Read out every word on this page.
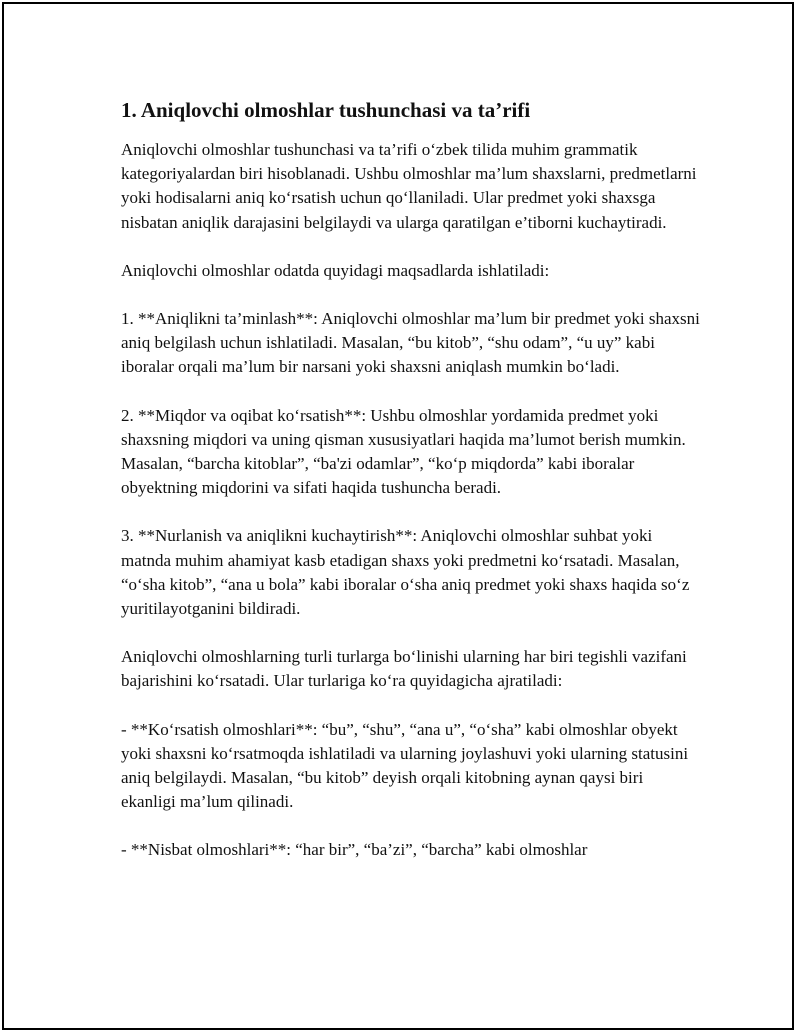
1. Aniqlovchi olmoshlar tushunchasi va ta’rifi

Aniqlovchi olmoshlar tushunchasi va ta’rifi o‘zbek tilida muhim grammatik kategoriyalardan biri hisoblanadi. Ushbu olmoshlar ma’lum shaxslarni, predmetlarni yoki hodisalarni aniq ko‘rsatish uchun qo‘llaniladi. Ular predmet yoki shaxsga nisbatan aniqlik darajasini belgilaydi va ularga qaratilgan e’tiborni kuchaytiradi.

Aniqlovchi olmoshlar odatda quyidagi maqsadlarda ishlatiladi:

1. **Aniqlikni ta’minlash**: Aniqlovchi olmoshlar ma’lum bir predmet yoki shaxsni aniq belgilash uchun ishlatiladi. Masalan, “bu kitob”, “shu odam”, “u uy” kabi iboralar orqali ma’lum bir narsani yoki shaxsni aniqlash mumkin bo‘ladi.

2. **Miqdor va oqibat ko‘rsatish**: Ushbu olmoshlar yordamida predmet yoki shaxsning miqdori va uning qisman xususiyatlari haqida ma’lumot berish mumkin. Masalan, “barcha kitoblar”, “ba'zi odamlar”, “ko‘p miqdorda” kabi iboralar obyektning miqdorini va sifati haqida tushuncha beradi.

3. **Nurlanish va aniqlikni kuchaytirish**: Aniqlovchi olmoshlar suhbat yoki matnda muhim ahamiyat kasb etadigan shaxs yoki predmetni ko‘rsatadi. Masalan, “o‘sha kitob”, “ana u bola” kabi iboralar o‘sha aniq predmet yoki shaxs haqida so‘z yuritilayotganini bildiradi.

Aniqlovchi olmoshlarning turli turlarga bo‘linishi ularning har biri tegishli vazifani bajarishini ko‘rsatadi. Ular turlariga ko‘ra quyidagicha ajratiladi:

- **Ko‘rsatish olmoshlari**: “bu”, “shu”, “ana u”, “o‘sha” kabi olmoshlar obyekt yoki shaxsni ko‘rsatmoqda ishlatiladi va ularning joylashuvi yoki ularning statusini aniq belgilaydi. Masalan, “bu kitob” deyish orqali kitobning aynan qaysi biri ekanligi ma’lum qilinadi.

- **Nisbat olmoshlari**: “har bir”, “ba’zi”, “barcha” kabi olmoshlar
